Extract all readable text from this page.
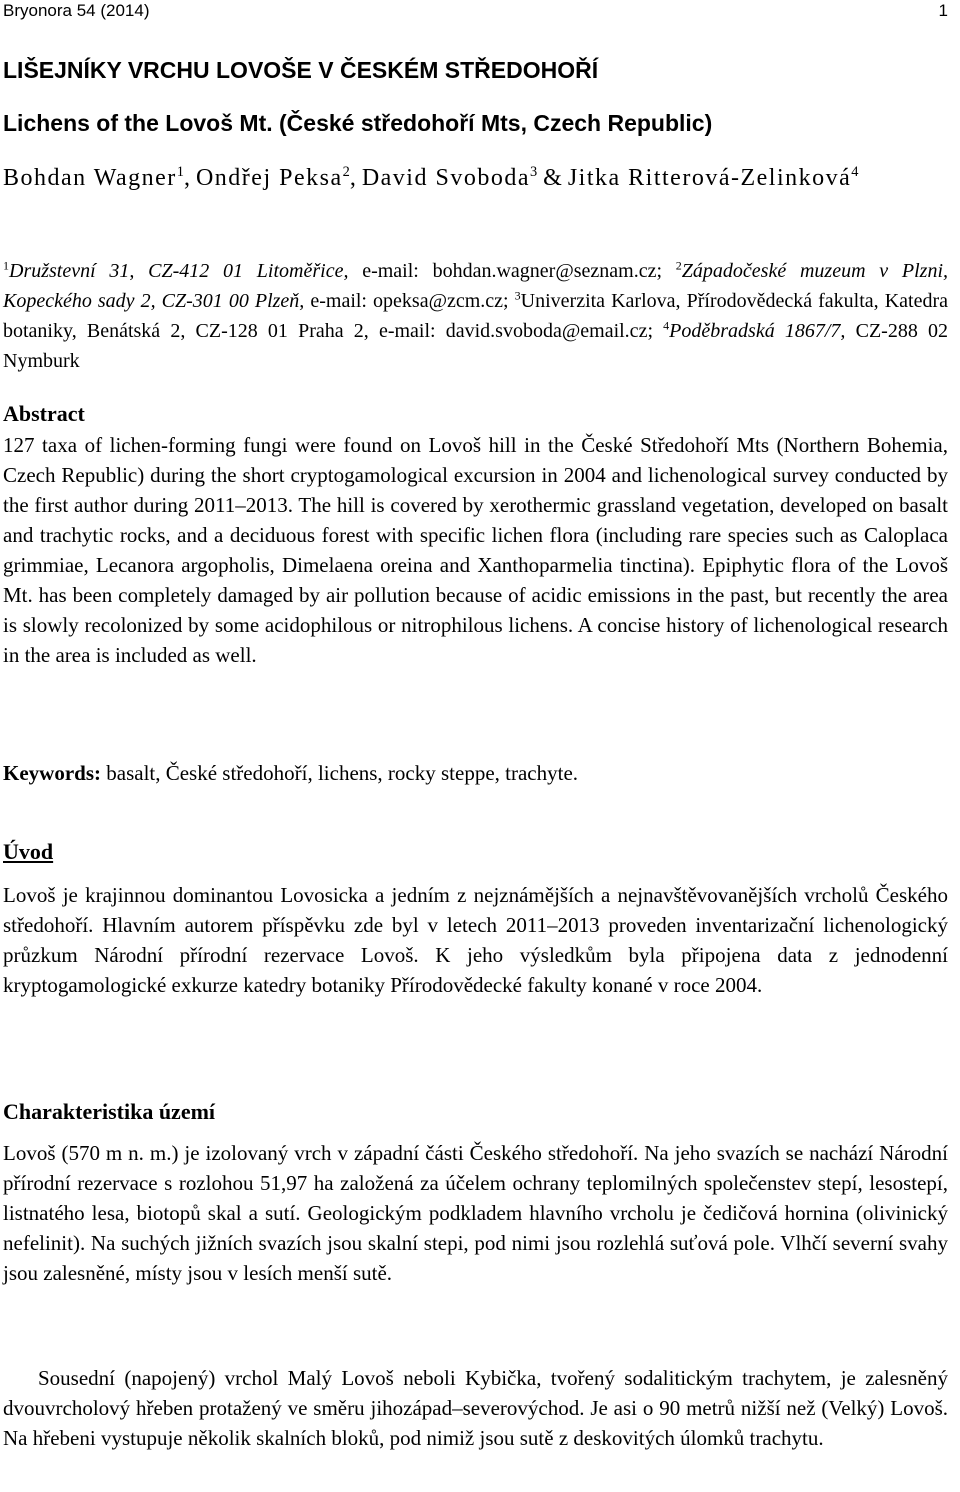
Bryonora 54 (2014)	1
LIŠEJNÍKY VRCHU LOVOŠE V ČESKÉM STŘEDOHOŘÍ
Lichens of the Lovoš Mt. (České středohoří Mts, Czech Republic)
Bohdan Wagner$^1$, Ondřej Peksa$^2$, David Svoboda$^3$ & Jitka Ritterová-Zelinková$^4$
$^1$Družstevní 31, CZ-412 01 Litoměřice, e-mail: bohdan.wagner@seznam.cz; $^2$Západočeské muzeum v Plzni, Kopeckého sady 2, CZ-301 00 Plzeň, e-mail: opeksa@zcm.cz; $^3$Univerzita Karlova, Přírodovědecká fakulta, Katedra botaniky, Benátská 2, CZ-128 01 Praha 2, e-mail: david.svoboda@email.cz; $^4$Poděbradská 1867/7, CZ-288 02 Nymburk
Abstract

127 taxa of lichen-forming fungi were found on Lovoš hill in the České Středohoří Mts (Northern Bohemia, Czech Republic) during the short cryptogamological excursion in 2004 and lichenological survey conducted by the first author during 2011–2013. The hill is covered by xerothermic grassland vegetation, developed on basalt and trachytic rocks, and a deciduous forest with specific lichen flora (including rare species such as Caloplaca grimmiae, Lecanora argopholis, Dimelaena oreina and Xanthoparmelia tinctina). Epiphytic flora of the Lovoš Mt. has been completely damaged by air pollution because of acidic emissions in the past, but recently the area is slowly recolonized by some acidophilous or nitrophilous lichens. A concise history of lichenological research in the area is included as well.

Keywords: basalt, České středohoří, lichens, rocky steppe, trachyte.

Úvod

Lovoš je krajinnou dominantou Lovosicka a jedním z nejznámějších a nejnavštěvovanějších vrcholů Českého středohoří. Hlavním autorem příspěvku zde byl v letech 2011–2013 proveden inventarizační lichenologický průzkum Národní přírodní rezervace Lovoš. K jeho výsledkům byla připojena data z jednodenní kryptogamologické exkurze katedry botaniky Přírodovědecké fakulty konané v roce 2004.

Charakteristika území

Lovoš (570 m n. m.) je izolovaný vrch v západní části Českého středohoří. Na jeho svazích se nachází Národní přírodní rezervace s rozlohou 51,97 ha založená za účelem ochrany teplomilných společenstev stepí, lesostepí, listnatého lesa, biotopů skal a sutí. Geologickým podkladem hlavního vrcholu je čedičová hornina (olivinický nefelinit). Na suchých jižních svazích jsou skalní stepi, pod nimi jsou rozlehlá suťová pole. Vlhčí severní svahy jsou zalesněné, místy jsou v lesích menší sutě.

Sousední (napojený) vrchol Malý Lovoš neboli Kybička, tvořený sodalitickým trachytem, je zalesněný dvouvrcholový hřeben protažený ve směru jihozápad–severovýchod. Je asi o 90 metrů nižší než (Velký) Lovoš. Na hřebeni vystupuje několik skalních bloků, pod nimiž jsou sutě z deskovitých úlomků trachytu.
